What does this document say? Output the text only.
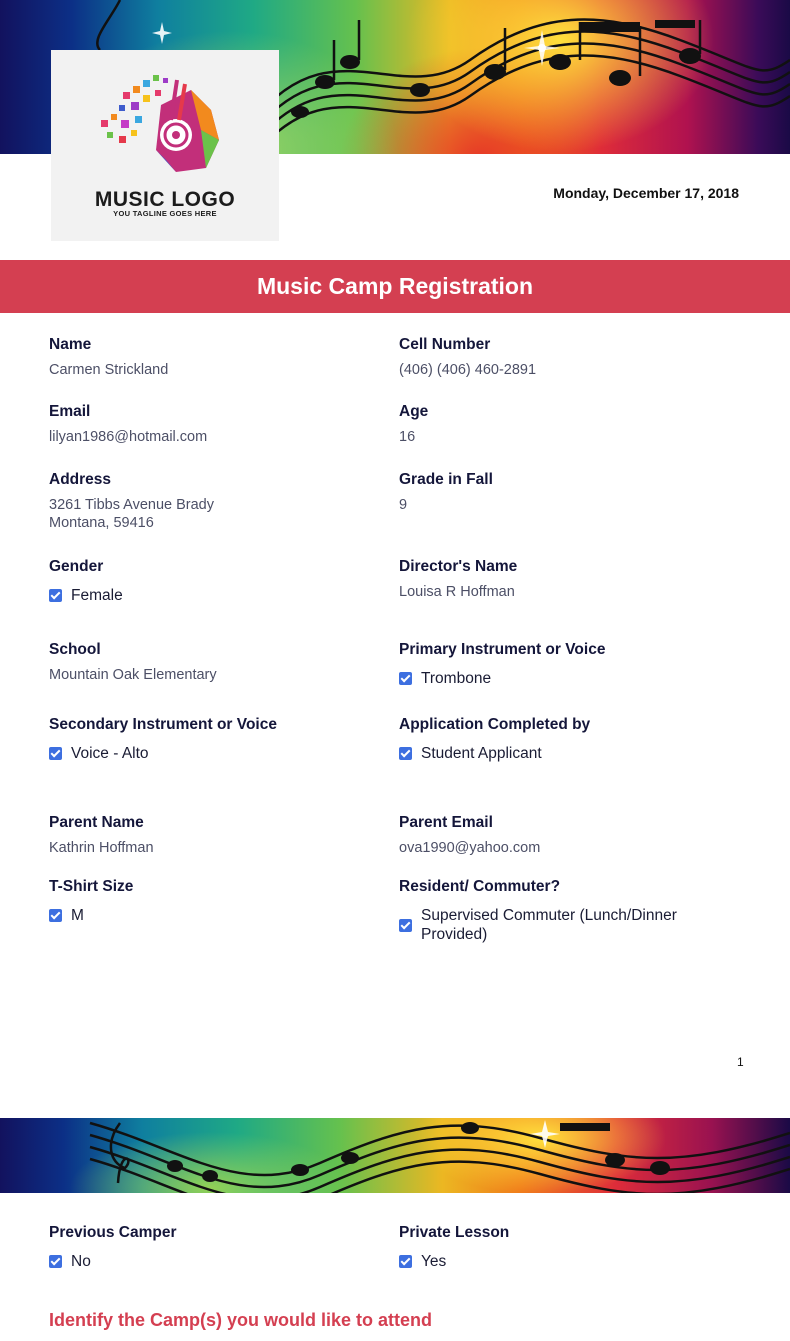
MUSIC LOGO
YOU TAGLINE GOES HERE
Monday, December 17, 2018
Music Camp Registration
Name
Carmen Strickland
Cell Number
(406) (406) 460-2891
Email
lilyan1986@hotmail.com
Age
16
Address
3261 Tibbs Avenue Brady
Montana, 59416
Grade in Fall
9
Gender
Female
Director's Name
Louisa R Hoffman
School
Mountain Oak Elementary
Primary Instrument or Voice
Trombone
Secondary Instrument or Voice
Voice - Alto
Application Completed by
Student Applicant
Parent Name
Kathrin Hoffman
Parent Email
ova1990@yahoo.com
T-Shirt Size
M
Resident/ Commuter?
Supervised Commuter (Lunch/Dinner Provided)
1
Previous Camper
No
Private Lesson
Yes
Identify the Camp(s) you would like to attend
